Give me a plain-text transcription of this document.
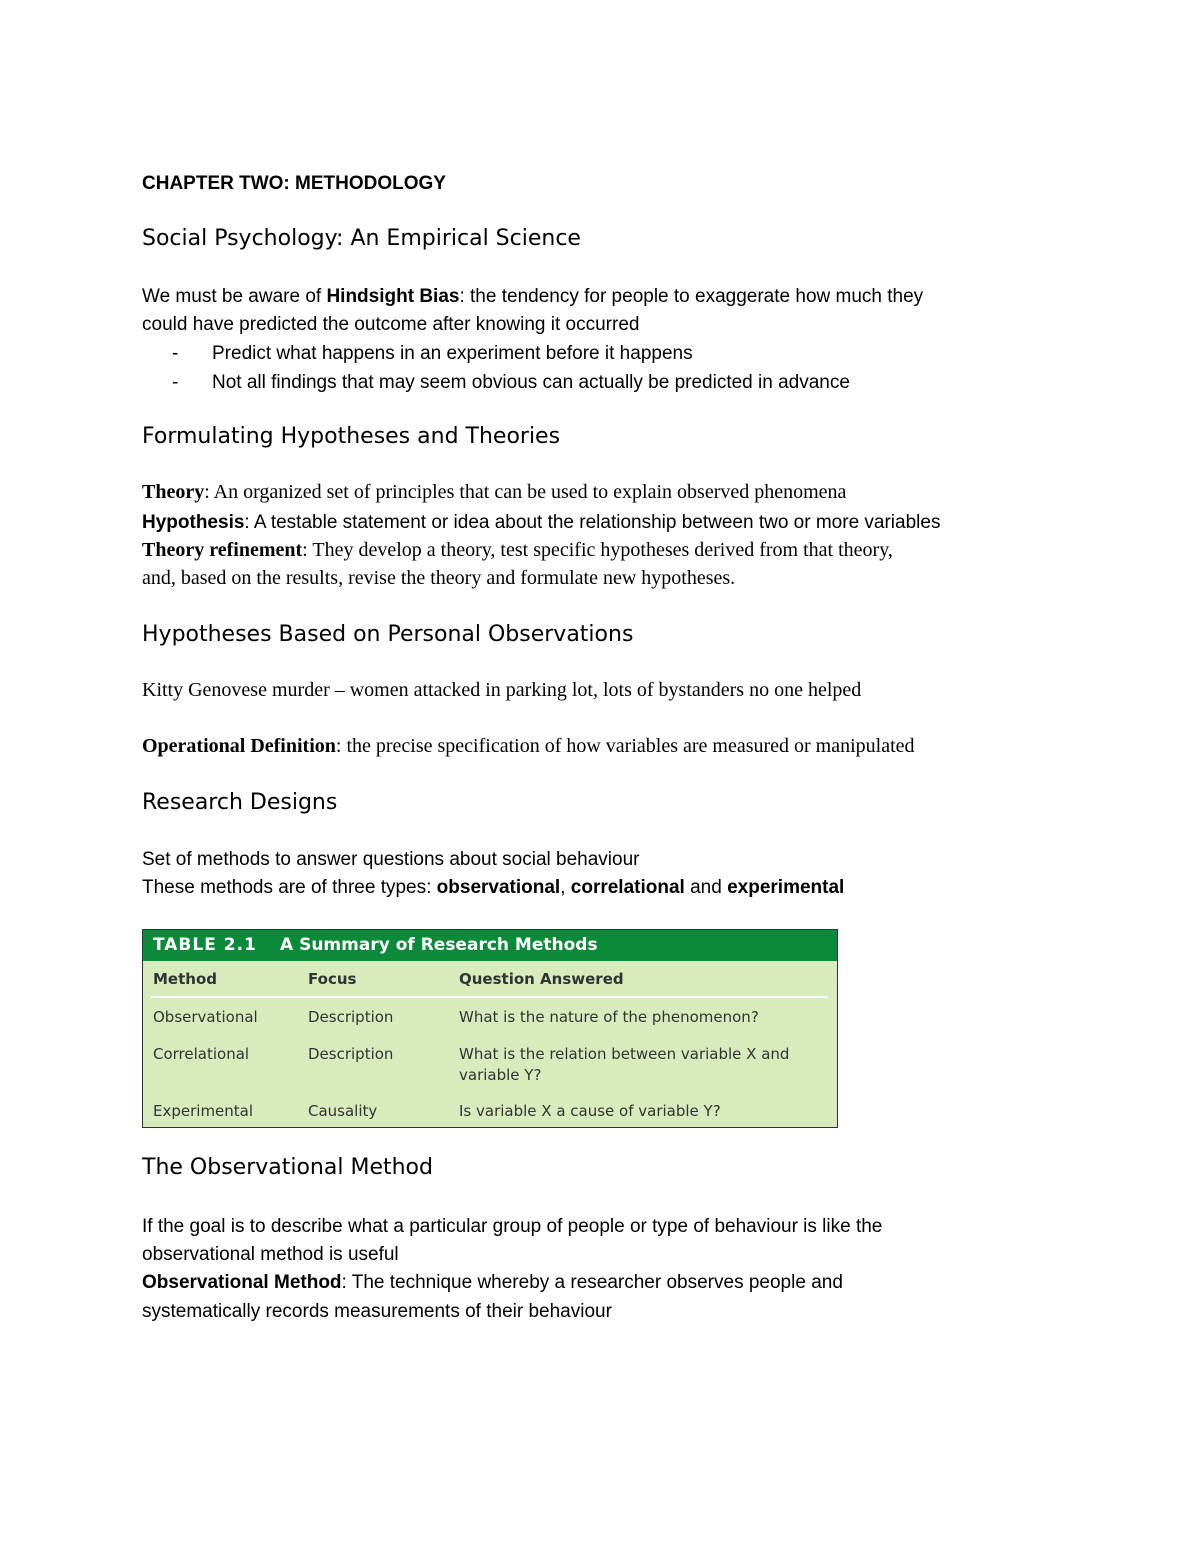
CHAPTER TWO: METHODOLOGY
Social Psychology: An Empirical Science
We must be aware of Hindsight Bias: the tendency for people to exaggerate how much they
could have predicted the outcome after knowing it occurred
- Predict what happens in an experiment before it happens
- Not all findings that may seem obvious can actually be predicted in advance
Formulating Hypotheses and Theories
Theory: An organized set of principles that can be used to explain observed phenomena
Hypothesis: A testable statement or idea about the relationship between two or more variables
Theory refinement: They develop a theory, test specific hypotheses derived from that theory,
and, based on the results, revise the theory and formulate new hypotheses.
Hypotheses Based on Personal Observations
Kitty Genovese murder – women attacked in parking lot, lots of bystanders no one helped
Operational Definition: the precise specification of how variables are measured or manipulated
Research Designs
Set of methods to answer questions about social behaviour
These methods are of three types: observational, correlational and experimental
TABLE 2.1 A Summary of Research Methods
Method	Focus	Question Answered
Observational	Description	What is the nature of the phenomenon?
Correlational	Description	What is the relation between variable X and
variable Y?
Experimental	Causality	Is variable X a cause of variable Y?
The Observational Method
If the goal is to describe what a particular group of people or type of behaviour is like the
observational method is useful
Observational Method: The technique whereby a researcher observes people and
systematically records measurements of their behaviour
